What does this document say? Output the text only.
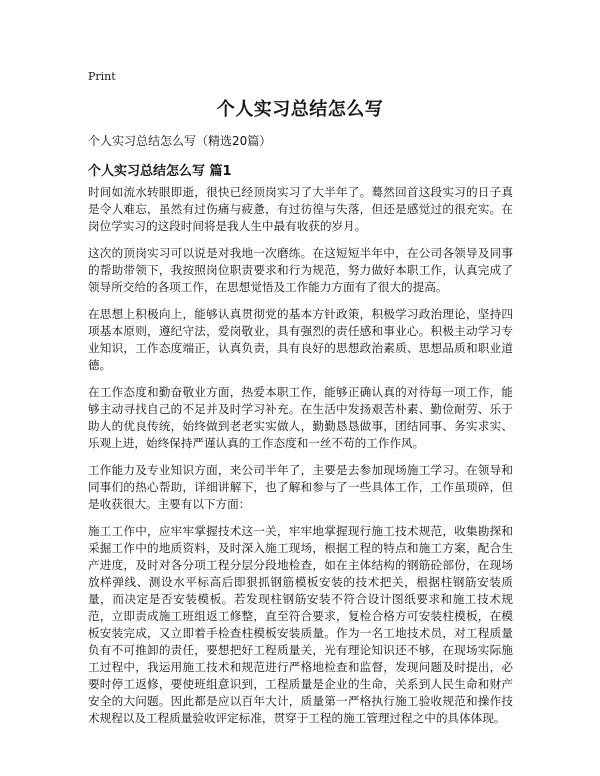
Print
个人实习总结怎么写
个人实习总结怎么写（精选20篇）
个人实习总结怎么写 篇1

时间如流水转眼即逝，很快已经顶岗实习了大半年了。蓦然回首这段实习的日子真是令人难忘，虽然有过伤痛与疲惫，有过彷徨与失落，但还是感觉过的很充实。在岗位学实习的这段时间将是我人生中最有收获的岁月。

这次的顶岗实习可以说是对我地一次磨练。在这短短半年中，在公司各领导及同事的帮助带领下，我按照岗位职责要求和行为规范，努力做好本职工作，认真完成了领导所交给的各项工作，在思想觉悟及工作能力方面有了很大的提高。

在思想上积极向上，能够认真贯彻党的基本方针政策，积极学习政治理论，坚持四项基本原则，遵纪守法，爱岗敬业，具有强烈的责任感和事业心。积极主动学习专业知识，工作态度端正，认真负责，具有良好的思想政治素质、思想品质和职业道德。

在工作态度和勤奋敬业方面，热爱本职工作，能够正确认真的对待每一项工作，能够主动寻找自己的不足并及时学习补充。在生活中发扬艰苦朴素、勤俭耐劳、乐于助人的优良传统，始终做到老老实实做人，勤勤恳恳做事，团结同事、务实求实、乐观上进，始终保持严谨认真的工作态度和一丝不苟的工作作风。

工作能力及专业知识方面，来公司半年了，主要是去参加现场施工学习。在领导和同事们的热心帮助，详细讲解下，也了解和参与了一些具体工作，工作虽琐碎，但是收获很大。主要有以下方面：

施工工作中，应牢牢掌握技术这一关，牢牢地掌握现行施工技术规范，收集勘探和采掘工作中的地质资料，及时深入施工现场，根据工程的特点和施工方案，配合生产进度，及时对各分项工程分层分段地检查，如在主体结构的钢筋砼部份，在现场放样弹线、测设水平标高后即狠抓钢筋模板安装的技术把关，根据柱钢筋安装质量，而决定是否安装模板。若发现柱钢筋安装不符合设计图纸要求和施工技术规范，立即责成施工班组返工修整，直至符合要求，复检合格方可安装柱模板，在模板安装完成，又立即着手检查柱模板安装质量。作为一名工地技术员，对工程质量负有不可推卸的责任，要想把好工程质量关，光有理论知识还不够，在现场实际施工过程中，我运用施工技术和规范进行严格地检查和监督，发现问题及时提出，必要时停工返修，要使班组意识到，工程质量是企业的生命，关系到人民生命和财产安全的大问题。因此都是应以百年大计，质量第一严格执行施工验收规范和操作技术规程以及工程质量验收评定标准，贯穿于工程的施工管理过程之中的具体体现。
